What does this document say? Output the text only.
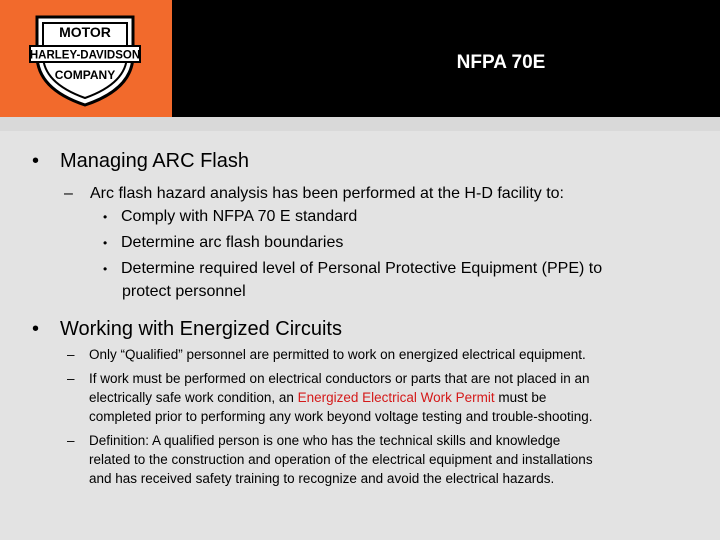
MOTOR
HARLEY-DAVIDSON
COMPANY
NFPA 70E
• Managing ARC Flash
– Arc flash hazard analysis has been performed at the H-D facility to:
• Comply with NFPA 70 E standard
• Determine arc flash boundaries
• Determine required level of Personal Protective Equipment (PPE) to
protect personnel
• Working with Energized Circuits
– Only “Qualified” personnel are permitted to work on energized electrical equipment.
– If work must be performed on electrical conductors or parts that are not placed in an
electrically safe work condition, an Energized Electrical Work Permit must be
completed prior to performing any work beyond voltage testing and trouble-shooting.
– Definition: A qualified person is one who has the technical skills and knowledge
related to the construction and operation of the electrical equipment and installations
and has received safety training to recognize and avoid the electrical hazards.
